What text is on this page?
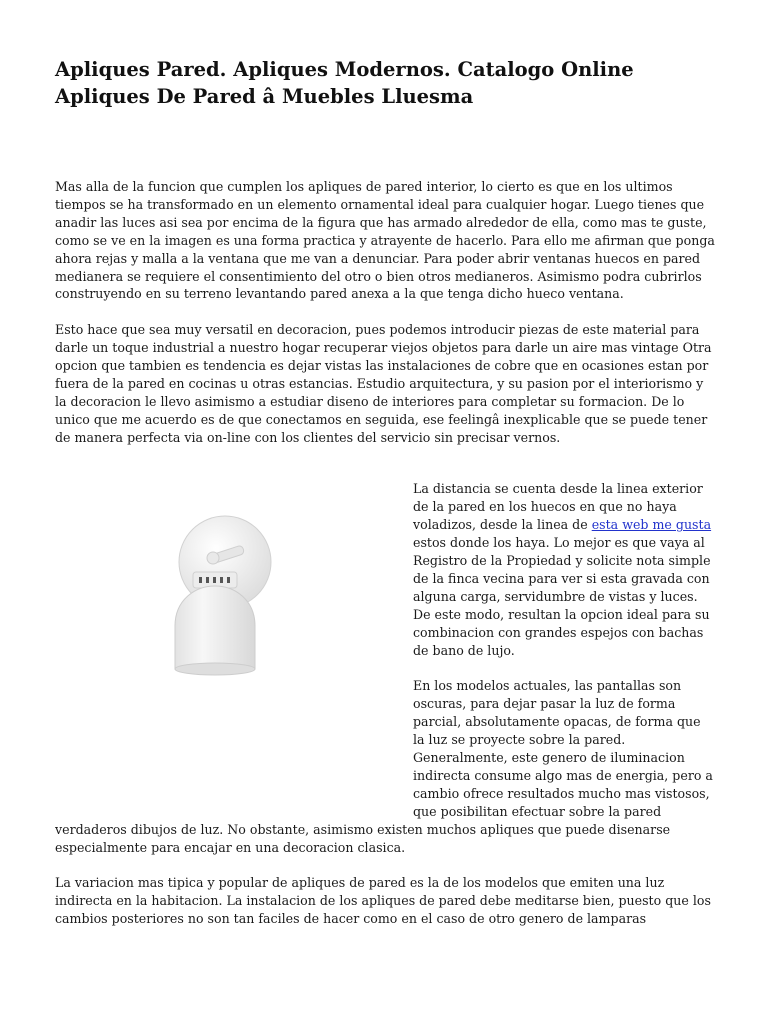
Apliques Pared. Apliques Modernos. Catalogo Online Apliques De Pared â Muebles Lluesma

Mas alla de la funcion que cumplen los apliques de pared interior, lo cierto es que en los ultimos tiempos se ha transformado en un elemento ornamental ideal para cualquier hogar. Luego tienes que anadir las luces asi sea por encima de la figura que has armado alrededor de ella, como mas te guste, como se ve en la imagen es una forma practica y atrayente de hacerlo. Para ello me afirman que ponga ahora rejas y malla a la ventana que me van a denunciar. Para poder abrir ventanas huecos en pared medianera se requiere el consentimiento del otro o bien otros medianeros. Asimismo podra cubrirlos construyendo en su terreno levantando pared anexa a la que tenga dicho hueco ventana.

Esto hace que sea muy versatil en decoracion, pues podemos introducir piezas de este material para darle un toque industrial a nuestro hogar recuperar viejos objetos para darle un aire mas vintage Otra opcion que tambien es tendencia es dejar vistas las instalaciones de cobre que en ocasiones estan por fuera de la pared en cocinas u otras estancias. Estudio arquitectura, y su pasion por el interiorismo y la decoracion le llevo asimismo a estudiar diseno de interiores para completar su formacion. De lo unico que me acuerdo es de que conectamos en seguida, ese feelingâ inexplicable que se puede tener de manera perfecta via on-line con los clientes del servicio sin precisar vernos.

La distancia se cuenta desde la linea exterior de la pared en los huecos en que no haya voladizos, desde la linea de esta web me gusta estos donde los haya. Lo mejor es que vaya al Registro de la Propiedad y solicite nota simple de la finca vecina para ver si esta gravada con alguna carga, servidumbre de vistas y luces. De este modo, resultan la opcion ideal para su combinacion con grandes espejos con bachas de bano de lujo.

En los modelos actuales, las pantallas son oscuras, para dejar pasar la luz de forma parcial, absolutamente opacas, de forma que la luz se proyecte sobre la pared. Generalmente, este genero de iluminacion indirecta consume algo mas de energia, pero a cambio ofrece resultados mucho mas vistosos, que posibilitan efectuar sobre la pared verdaderos dibujos de luz. No obstante, asimismo existen muchos apliques que puede disenarse especialmente para encajar en una decoracion clasica.

La variacion mas tipica y popular de apliques de pared es la de los modelos que emiten una luz indirecta en la habitacion. La instalacion de los apliques de pared debe meditarse bien, puesto que los cambios posteriores no son tan faciles de hacer como en el caso de otro genero de lamparas
